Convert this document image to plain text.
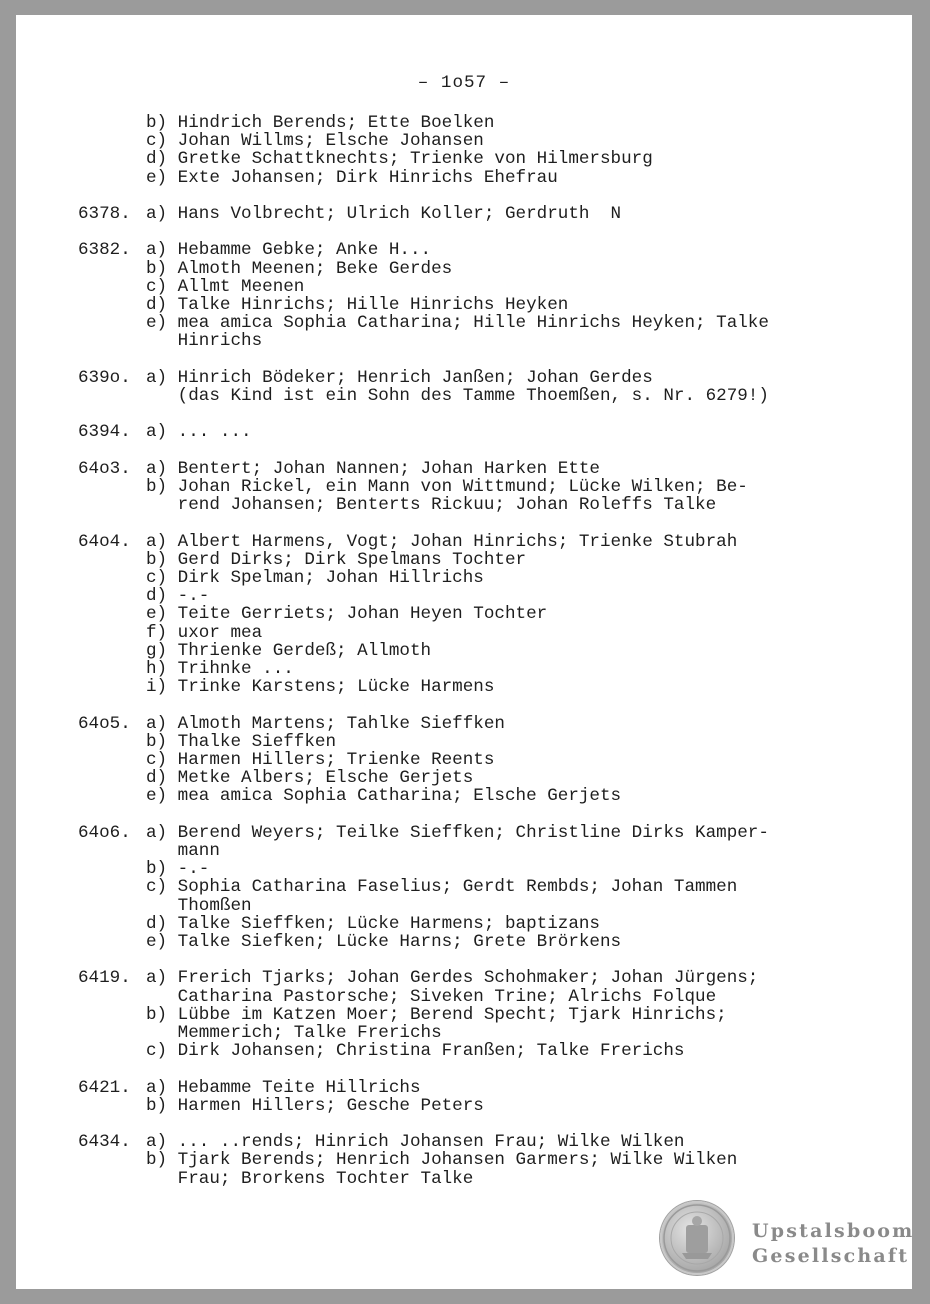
– 1o57 –
b) Hindrich Berends; Ette Boelken
c) Johan Willms; Elsche Johansen
d) Gretke Schattknechts; Trienke von Hilmersburg
e) Exte Johansen; Dirk Hinrichs Ehefrau
6378. a) Hans Volbrecht; Ulrich Koller; Gerdruth  N
6382. a) Hebamme Gebke; Anke H...
b) Almoth Meenen; Beke Gerdes
c) Allmt Meenen
d) Talke Hinrichs; Hille Hinrichs Heyken
e) mea amica Sophia Catharina; Hille Hinrichs Heyken; Talke
Hinrichs
639o. a) Hinrich Bödeker; Henrich Janßen; Johan Gerdes
(das Kind ist ein Sohn des Tamme Thoemßen, s. Nr. 6279!)
6394. a) ... ...
64o3. a) Bentert; Johan Nannen; Johan Harken Ette
b) Johan Rickel, ein Mann von Wittmund; Lücke Wilken; Be-
rend Johansen; Benterts Rickuu; Johan Roleffs Talke
64o4. a) Albert Harmens, Vogt; Johan Hinrichs; Trienke Stubrah
b) Gerd Dirks; Dirk Spelmans Tochter
c) Dirk Spelman; Johan Hillrichs
d) -.-
e) Teite Gerriets; Johan Heyen Tochter
f) uxor mea
g) Thrienke Gerdeß; Allmoth
h) Trihnke ...
i) Trinke Karstens; Lücke Harmens
64o5. a) Almoth Martens; Tahlke Sieffken
b) Thalke Sieffken
c) Harmen Hillers; Trienke Reents
d) Metke Albers; Elsche Gerjets
e) mea amica Sophia Catharina; Elsche Gerjets
64o6. a) Berend Weyers; Teilke Sieffken; Christline Dirks Kamper-
mann
b) -.-
c) Sophia Catharina Faselius; Gerdt Rembds; Johan Tammen
Thomßen
d) Talke Sieffken; Lücke Harmens; baptizans
e) Talke Siefken; Lücke Harns; Grete Brörkens
6419. a) Frerich Tjarks; Johan Gerdes Schohmaker; Johan Jürgens;
Catharina Pastorsche; Siveken Trine; Alrichs Folque
b) Lübbe im Katzen Moer; Berend Specht; Tjark Hinrichs;
Memmerich; Talke Frerichs
c) Dirk Johansen; Christina Franßen; Talke Frerichs
6421. a) Hebamme Teite Hillrichs
b) Harmen Hillers; Gesche Peters
6434. a) ... ..rends; Hinrich Johansen Frau; Wilke Wilken
b) Tjark Berends; Henrich Johansen Garmers; Wilke Wilken
Frau; Brorkens Tochter Talke
Upstalsboom
Gesellschaft
